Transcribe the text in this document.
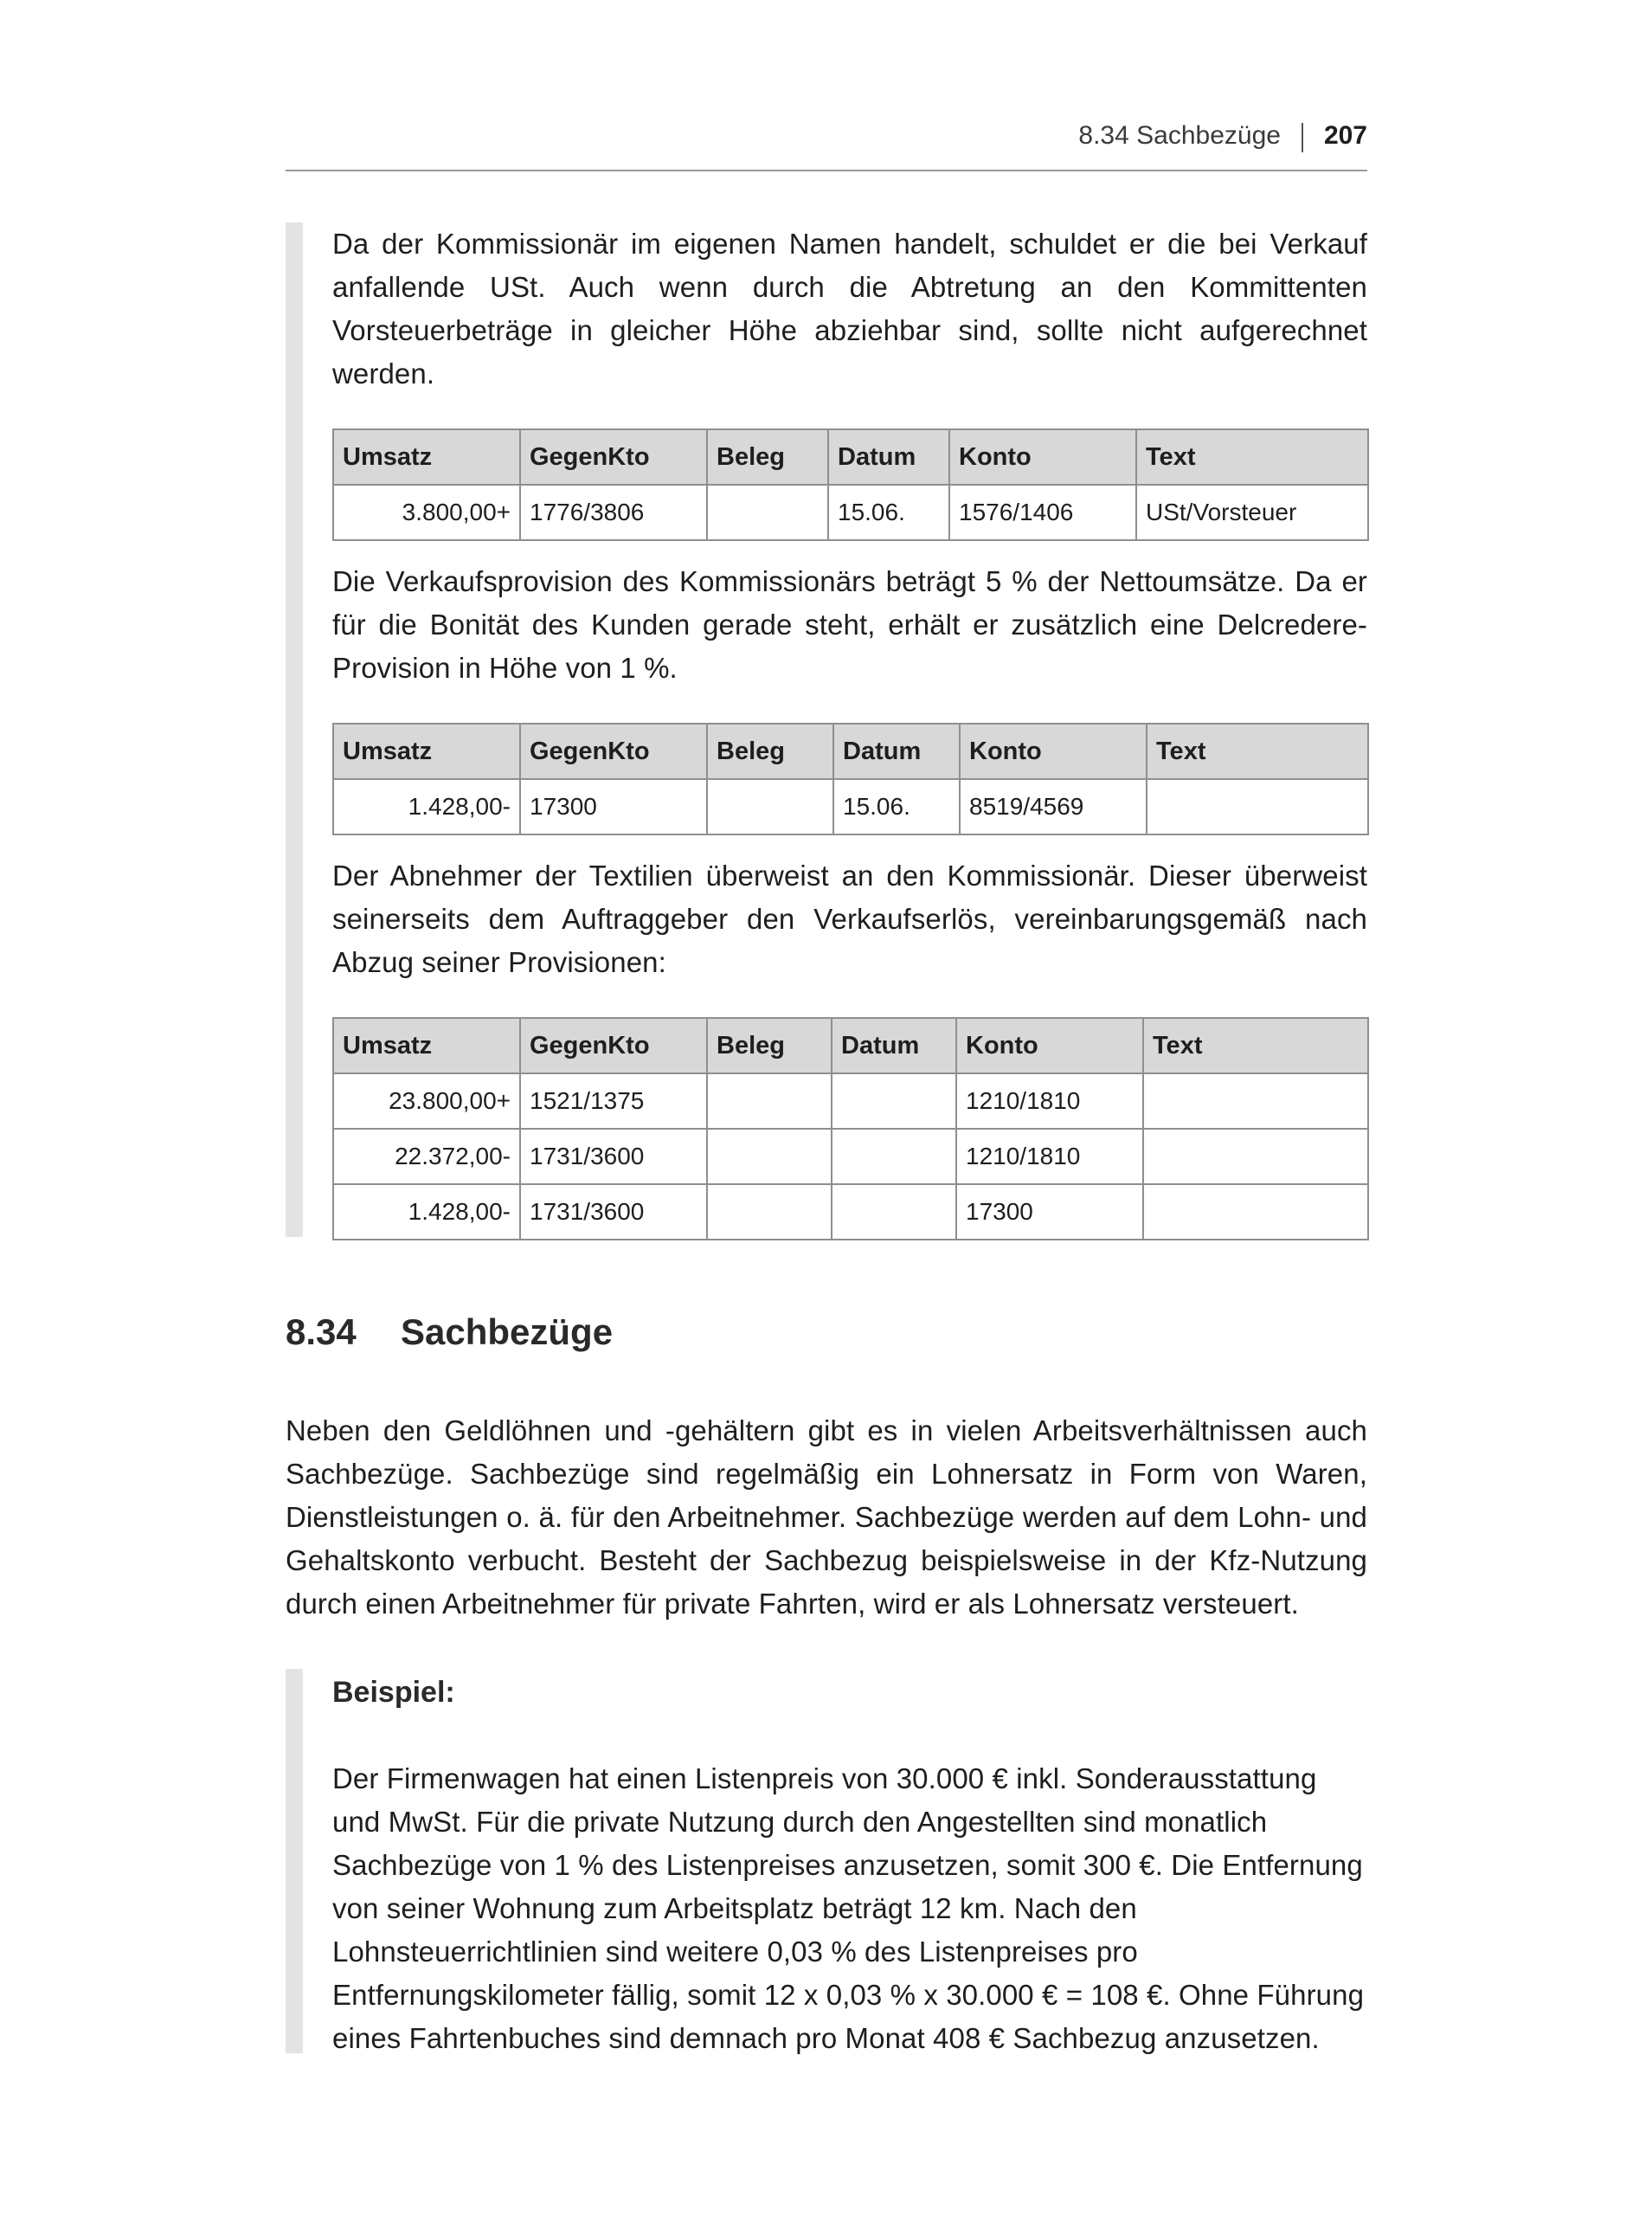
8.34 Sachbezüge 207

Da der Kommissionär im eigenen Namen handelt, schuldet er die bei Verkauf anfallende USt. Auch wenn durch die Abtretung an den Kommittenten Vorsteuerbeträge in gleicher Höhe abziehbar sind, sollte nicht aufgerechnet werden.

Umsatz	GegenKto	Beleg	Datum	Konto	Text
3.800,00+	1776/3806		15.06.	1576/1406	USt/Vorsteuer

Die Verkaufsprovision des Kommissionärs beträgt 5 % der Nettoumsätze. Da er für die Bonität des Kunden gerade steht, erhält er zusätzlich eine Delcredere-Provision in Höhe von 1 %.

Umsatz	GegenKto	Beleg	Datum	Konto	Text
1.428,00-	17300		15.06.	8519/4569	

Der Abnehmer der Textilien überweist an den Kommissionär. Dieser überweist seinerseits dem Auftraggeber den Verkaufserlös, vereinbarungsgemäß nach Abzug seiner Provisionen:

Umsatz	GegenKto	Beleg	Datum	Konto	Text
23.800,00+	1521/1375			1210/1810	
22.372,00-	1731/3600			1210/1810	
1.428,00-	1731/3600			17300	
8.34	Sachbezüge

Neben den Geldlöhnen und -gehältern gibt es in vielen Arbeitsverhältnissen auch Sachbezüge. Sachbezüge sind regelmäßig ein Lohnersatz in Form von Waren, Dienstleistungen o. ä. für den Arbeitnehmer. Sachbezüge werden auf dem Lohn- und Gehaltskonto verbucht. Besteht der Sachbezug beispielsweise in der Kfz-Nutzung durch einen Arbeitnehmer für private Fahrten, wird er als Lohnersatz versteuert.

Beispiel:

Der Firmenwagen hat einen Listenpreis von 30.000 € inkl. Sonderausstattung und MwSt. Für die private Nutzung durch den Angestellten sind monatlich Sachbezüge von 1 % des Listenpreises anzusetzen, somit 300 €. Die Entfernung von seiner Wohnung zum Arbeitsplatz beträgt 12 km. Nach den Lohnsteuerrichtlinien sind weitere 0,03 % des Listenpreises pro Entfernungskilometer fällig, somit 12 x 0,03 % x 30.000 € = 108 €. Ohne Führung eines Fahrtenbuches sind demnach pro Monat 408 € Sachbezug anzusetzen.
